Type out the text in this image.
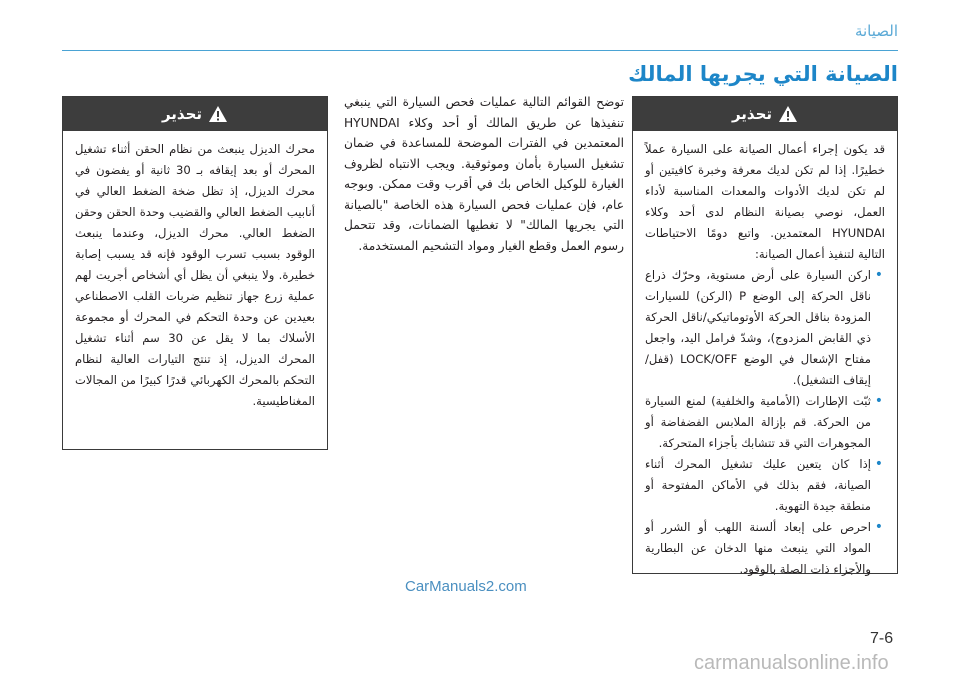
الصيانة
الصيانة التي يجريها المالك
تحذير

قد يكون إجراء أعمال الصيانة على السيارة عملاً خطيرًا. إذا لم تكن لديك معرفة وخبرة كافيتين أو لم تكن لديك الأدوات والمعدات المناسبة لأداء العمل، نوصي بصيانة النظام لدى أحد وكلاء HYUNDAI المعتمدين. واتبع دومًا الاحتياطات التالية لتنفيذ أعمال الصيانة:

• اركن السيارة على أرض مستوية، وحرّك ذراع ناقل الحركة إلى الوضع P (الركن) للسيارات المزودة بناقل الحركة الأوتوماتيكي/ناقل الحركة ذي القابض المزدوج)، وشدّ فرامل اليد، واجعل مفتاح الإشعال في الوضع LOCK/OFF (قفل/ إيقاف التشغيل).
• ثبّت الإطارات (الأمامية والخلفية) لمنع السيارة من الحركة. قم بإزالة الملابس الفضفاضة أو المجوهرات التي قد تتشابك بأجزاء المتحركة.
• إذا كان يتعين عليك تشغيل المحرك أثناء الصيانة، فقم بذلك في الأماكن المفتوحة أو منطقة جيدة التهوية.
• احرص على إبعاد ألسنة اللهب أو الشرر أو المواد التي ينبعث منها الدخان عن البطارية والأجزاء ذات الصلة بالوقود.

توضح القوائم التالية عمليات فحص السيارة التي ينبغي تنفيذها عن طريق المالك أو أحد وكلاء HYUNDAI المعتمدين في الفترات الموضحة للمساعدة في ضمان تشغيل السيارة بأمان وموثوقية. ويجب الانتباه لظروف الغيارة للوكيل الخاص بك في أقرب وقت ممكن. وبوجه عام، فإن عمليات فحص السيارة هذه الخاصة "بالصيانة التي يجريها المالك" لا تغطيها الضمانات، وقد تتحمل رسوم العمل وقطع الغيار ومواد التشحيم المستخدمة.

تحذير

محرك الديزل ينبعث من نظام الحقن أثناء تشغيل المحرك أو بعد إيقافه بـ 30 ثانية أو يفضون في محرك الديزل، إذ تظل ضخة الضغط العالي في أنابيب الضغط العالي والقضيب وحدة الحقن وحقن الضغط العالي. محرك الديزل، وعندما ينبعث الوقود بسبب تسرب الوقود فإنه قد يسبب إصابة خطيرة. ولا ينبغي أن يظل أي أشخاص أجريت لهم عملية زرع جهاز تنظيم ضربات القلب الاصطناعي بعيدين عن وحدة التحكم في المحرك أو مجموعة الأسلاك بما لا يقل عن 30 سم أثناء تشغيل المحرك الديزل، إذ تنتج التيارات العالية لنظام التحكم بالمحرك الكهربائي قدرًا كبيرًا من المجالات المغناطيسية.

CarManuals2.com
7-6
carmanualsonline.info
